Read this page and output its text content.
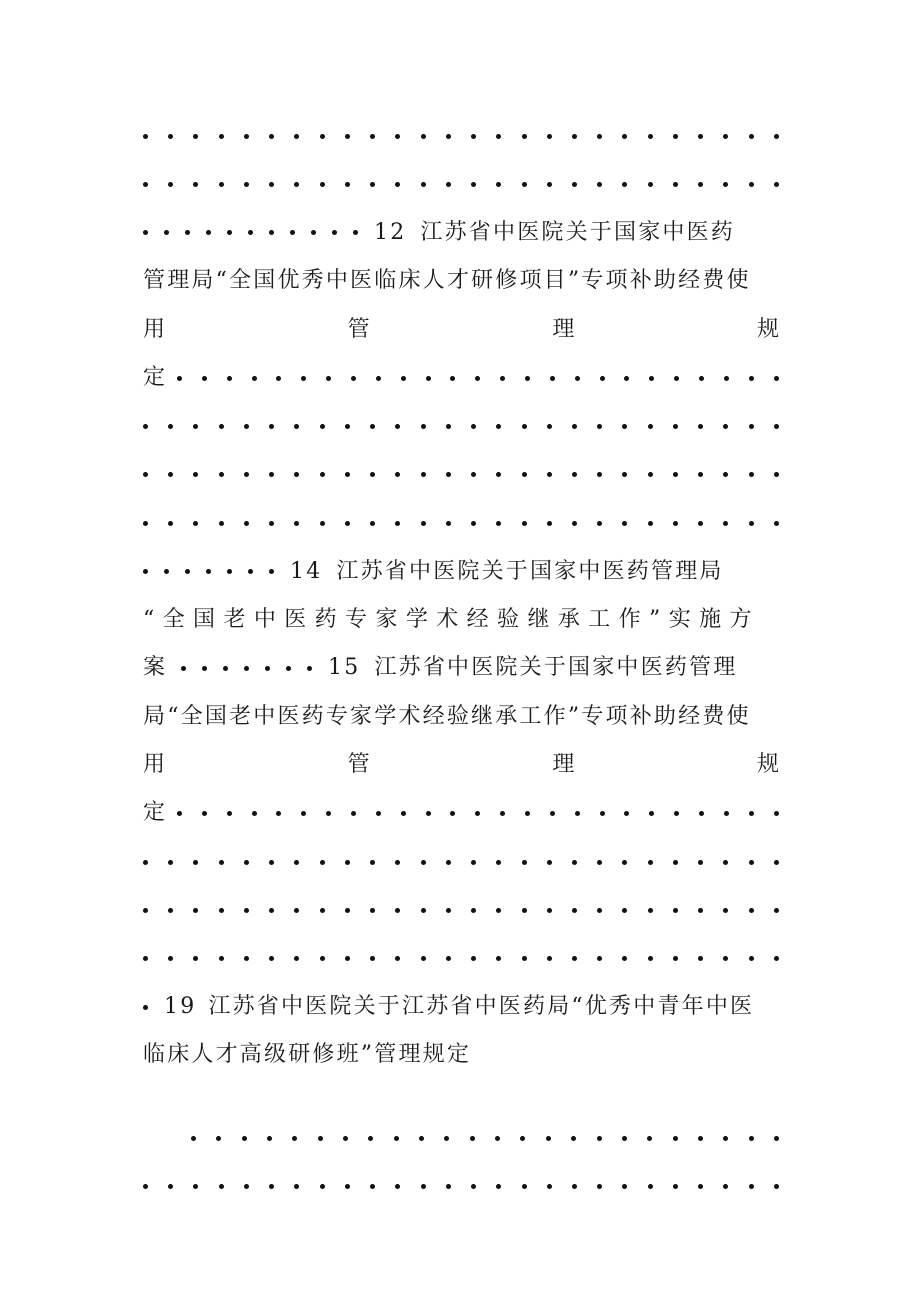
12 江苏省中医院关于国家中医药
管理局“全国优秀中医临床人才研修项目”专项补助经费使
用	管	理	规
定
14 江苏省中医院关于国家中医药管理局
“全国老中医药专家学术经验继承工作”实施方
案	15 江苏省中医院关于国家中医药管理
局“全国老中医药专家学术经验继承工作”专项补助经费使
用	管	理	规
定
19 江苏省中医院关于江苏省中医药局“优秀中青年中医
临床人才高级研修班”管理规定
